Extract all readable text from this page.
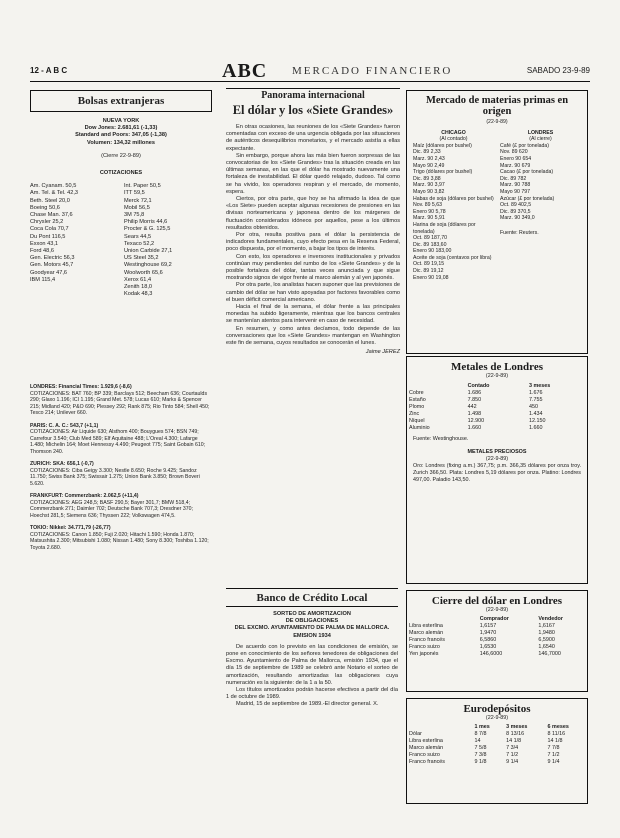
12 - A B C	ABC MERCADO FINANCIERO	SABADO 23-9-89
Bolsas extranjeras

NUEVA YORK

Dow Jones: 2.681,61 (-1,33)

Standard and Poors: 347,05 (-1,38)

Volumen: 134,32 millones

(Cierre 22-9-89)

COTIZACIONES

Am. Cyanam. 50,5

Am. Tel. & Tel. 42,3

Beth. Steel 20,0

Boeing 50,6

Chase Man. 37,6

Chrysler 25,2

Coca Cola 70,7

Du Pont 116,5

Exxon 43,1

Ford 48,6

Gen. Electric 56,3

Gen. Motors 45,7

Goodyear 47,6

IBM 115,4

Int. Paper 50,5

ITT 59,5

Merck 72,1

Mobil 56,5

3M 75,8

Philip Morris 44,6

Procter & G. 125,5

Sears 44,5

Texaco 52,2

Union Carbide 27,1

US Steel 35,2

Westinghouse 69,2

Woolworth 65,6

Xerox 61,4

Zenith 18,0

Kodak 48,3

LONDRES: Financial Times: 1.929,6 (-8,6)

COTIZACIONES: BAT 760; BP 339; Barclays 512; Beecham 636; Courtaulds 290; Glaxo 1.196; ICI 1.195; Grand Met. 578; Lucas 610; Marks & Spencer 215; Midland 420; P&O 690; Plessey 292; Rank 875; Rio Tinto 584; Shell 450; Tesco 214; Unilever 660.

PARIS: C. A. C.: 543,7 (+1,1)

COTIZACIONES: Air Liquide 630; Alsthom 400; Bouygues 574; BSN 749; Carrefour 3.540; Club Med 589; Elf Aquitaine 488; L'Oreal 4.300; Lafarge 1.480; Michelin 164; Moet Hennessy 4.490; Peugeot 775; Saint Gobain 610; Thomson 240.

ZURICH: SKA: 656,1 (-0,7)

COTIZACIONES: Ciba Geigy 3.300; Nestle 8.650; Roche 9.425; Sandoz 11.750; Swiss Bank 375; Swissair 1.275; Union Bank 3.850; Brown Boveri 5.620.

FRANKFURT: Commerzbank: 2.062,5 (+11,4)

COTIZACIONES: AEG 248,5; BASF 290,5; Bayer 301,7; BMW 518,4; Commerzbank 271; Daimler 702; Deutsche Bank 707,3; Dresdner 370; Hoechst 281,5; Siemens 636; Thyssen 222; Volkswagen 474,5.

TOKIO: Nikkei: 34.771,79 (-26,77)

COTIZACIONES: Canon 1.850; Fuji 2.020; Hitachi 1.590; Honda 1.870; Matsushita 2.300; Mitsubishi 1.080; Nissan 1.480; Sony 8.300; Toshiba 1.120; Toyota 2.680.

Panorama internacional

El dólar y los «Siete Grandes»

En otras ocasiones, las reuniones de los «Siete Grandes» fueron comentadas con exceso de una urgencia obligada por las situaciones de auténticos desequilibrios monetarios, y el mercado asistía a ellas expectante.

Sin embargo, porque ahora las más bien fueron sorpresas de las convocatorias de los «Siete Grandes» tras la situación creada en las últimas semanas, en las que el dólar ha mostrado nuevamente una fortaleza de inestabilidad. El dólar quedó relajado, dudoso. Tal como se ha vivido, los operadores respiran y el mercado, de momento, espera.

Ciertos, por otra parte, que hoy se ha afirmado la idea de que «Los Siete» pueden aceptar algunas recesiones de presiones en las divisas norteamericana y japonesa dentro de los márgenes de fluctuación considerados idóneos por aquellos, pese a los últimos resultados obtenidos.

Por otra, resulta positiva para el dólar la persistencia de indicadores fundamentales, cuyo efecto pesa en la Reserva Federal, poco dispuesta, por el momento, a bajar los tipos de interés.

Con esto, los operadores e inversores institucionales y privados continúan muy pendientes del rumbo de los «Siete Grandes» y de la posible fortaleza del dólar, tantas veces anunciada y que sigue mostrando signos de vigor frente al marco alemán y al yen japonés.

Por otra parte, los analistas hacen suponer que las previsiones de cambio del dólar se han visto apoyadas por factores favorables como el buen déficit comercial americano.

Hacia el final de la semana, el dólar frente a las principales monedas ha subido ligeramente, mientras que los bancos centrales se mantenían atentos para intervenir en caso de necesidad.

En resumen, y como antes decíamos, todo depende de las conversaciones que los «Siete Grandes» mantengan en Washington este fin de semana, cuyos resultados se conocerán el lunes.

Jaime JEREZ

Banco de Crédito Local

SORTEO DE AMORTIZACION

DE OBLIGACIONES

DEL EXCMO. AYUNTAMIENTO DE PALMA DE MALLORCA. EMISION 1934

De acuerdo con lo previsto en las condiciones de emisión, se pone en conocimiento de los señores tenedores de obligaciones del Excmo. Ayuntamiento de Palma de Mallorca, emisión 1934, que el día 15 de septiembre de 1989 se celebró ante Notario el sorteo de amortización, resultando amortizadas las obligaciones cuya numeración es la siguiente: de la 1 a la 50.

Los títulos amortizados podrán hacerse efectivos a partir del día 1 de octubre de 1989.

Madrid, 15 de septiembre de 1989.-El director general. X.

Mercado de materias primas en origen

(22-9-89)

CHICAGO

(Al contado)

Maíz (dólares por bushel)

Dic. 89 2,33

Marz. 90 2,43

Mayo 90 2,49

Trigo (dólares por bushel)

Dic. 89 3,88

Marz. 90 3,97

Mayo 90 3,82

Habas de soja (dólares por bushel)

Nov. 89 5,63

Enero 90 5,78

Marz. 90 5,91

Harina de soja (dólares por tonelada)

Oct. 89 187,70

Dic. 89 183,60

Enero 90 183,00

Aceite de soja (centavos por libra)

Oct. 89 19,15

Dic. 89 19,12

Enero 90 19,08

LONDRES

(Al cierre)

Café (£ por tonelada)

Nov. 89 620

Enero 90 654

Marz. 90 679

Cacao (£ por tonelada)

Dic. 89 782

Marz. 90 788

Mayo 90 797

Azúcar (£ por tonelada)

Oct. 89 402,5

Dic. 89 370,5

Marz. 90 349,0

Fuente: Reuters.

Metales de Londres

(22-9-89)

	Contado	3 meses
Cobre	1.686	1.676
Estaño	7.850	7.755
Plomo	442	450
Zinc	1.498	1.434
Níquel	12.900	12.150
Aluminio	1.660	1.660

Fuente: Westinghouse.

METALES PRECIOSOS

(22-9-89)

Oro: Londres (fixing a.m.) 367,75; p.m. 366,35 dólares por onza troy. Zurich 366,50. Plata: Londres 5,19 dólares por onza. Platino: Londres 497,00. Paladio 143,50.

Cierre del dólar en Londres

(22-9-89)

	Comprador	Vendedor
Libra esterlina	1,6157	1,6167
Marco alemán	1,9470	1,9480
Franco francés	6,5860	6,5900
Franco suizo	1,6530	1,6540
Yen japonés	146,6000	146,7000

Eurodepósitos

(22-9-89)

	1 mes	3 meses	6 meses
Dólar	8 7/8	8 13/16	8 11/16
Libra esterlina	14	14 1/8	14 1/8
Marco alemán	7 5/8	7 3/4	7 7/8
Franco suizo	7 3/8	7 1/2	7 1/2
Franco francés	9 1/8	9 1/4	9 1/4
